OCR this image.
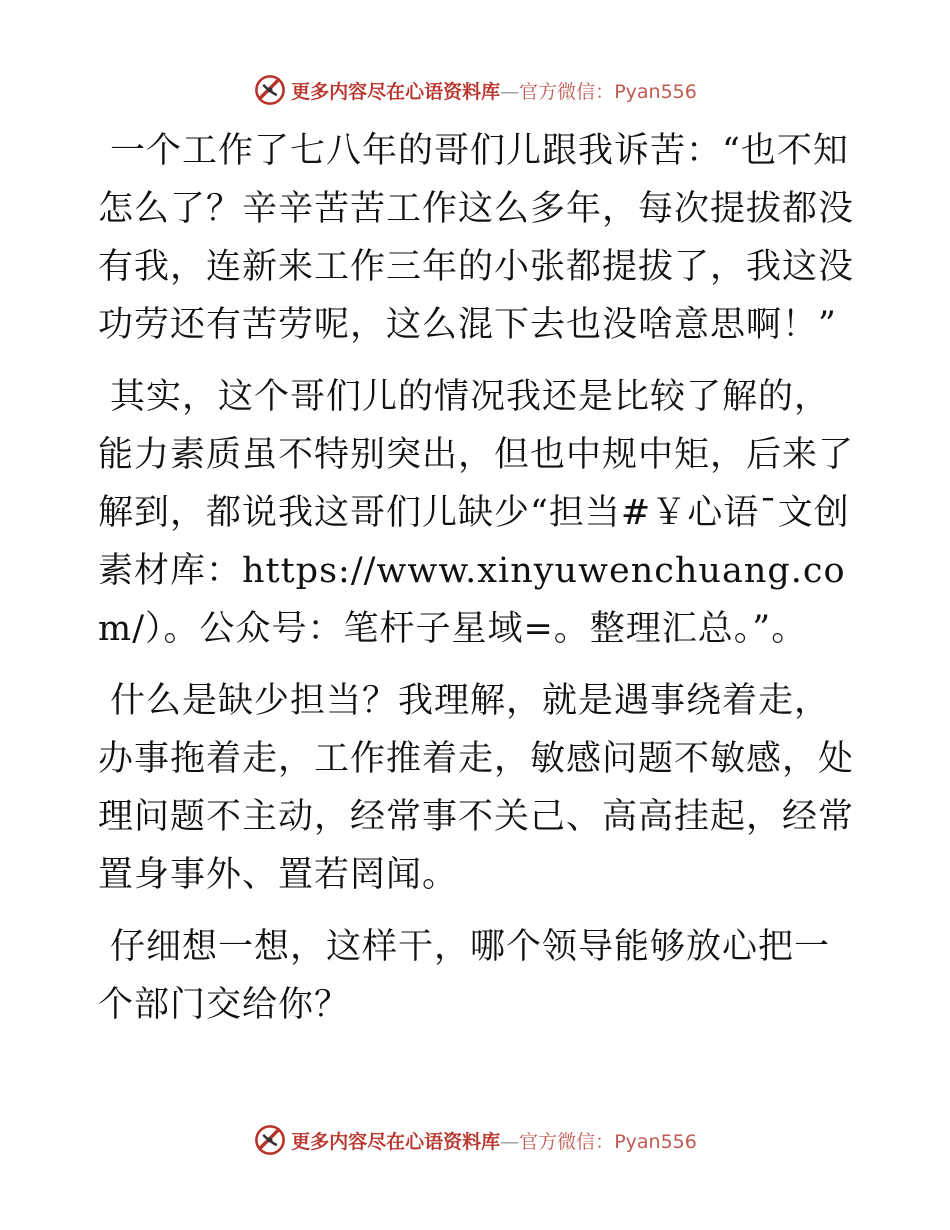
更多内容尽在心语资料库—官方微信：Pyan556

一个工作了七八年的哥们儿跟我诉苦：“也不知怎么了？辛辛苦苦工作这么多年，每次提拔都没有我，连新来工作三年的小张都提拔了，我这没功劳还有苦劳呢，这么混下去也没啥意思啊！”

其实，这个哥们儿的情况我还是比较了解的，能力素质虽不特别突出，但也中规中矩，后来了解到，都说我这哥们儿缺少“担当#￥心语¯文创素材库：https://www.xinyuwenchuang.com/）。公众号：笔杆子星域=。整理汇总。”。

什么是缺少担当？我理解，就是遇事绕着走，办事拖着走，工作推着走，敏感问题不敏感，处理问题不主动，经常事不关己、高高挂起，经常置身事外、置若罔闻。

仔细想一想，这样干，哪个领导能够放心把一个部门交给你？

更多内容尽在心语资料库—官方微信：Pyan556
